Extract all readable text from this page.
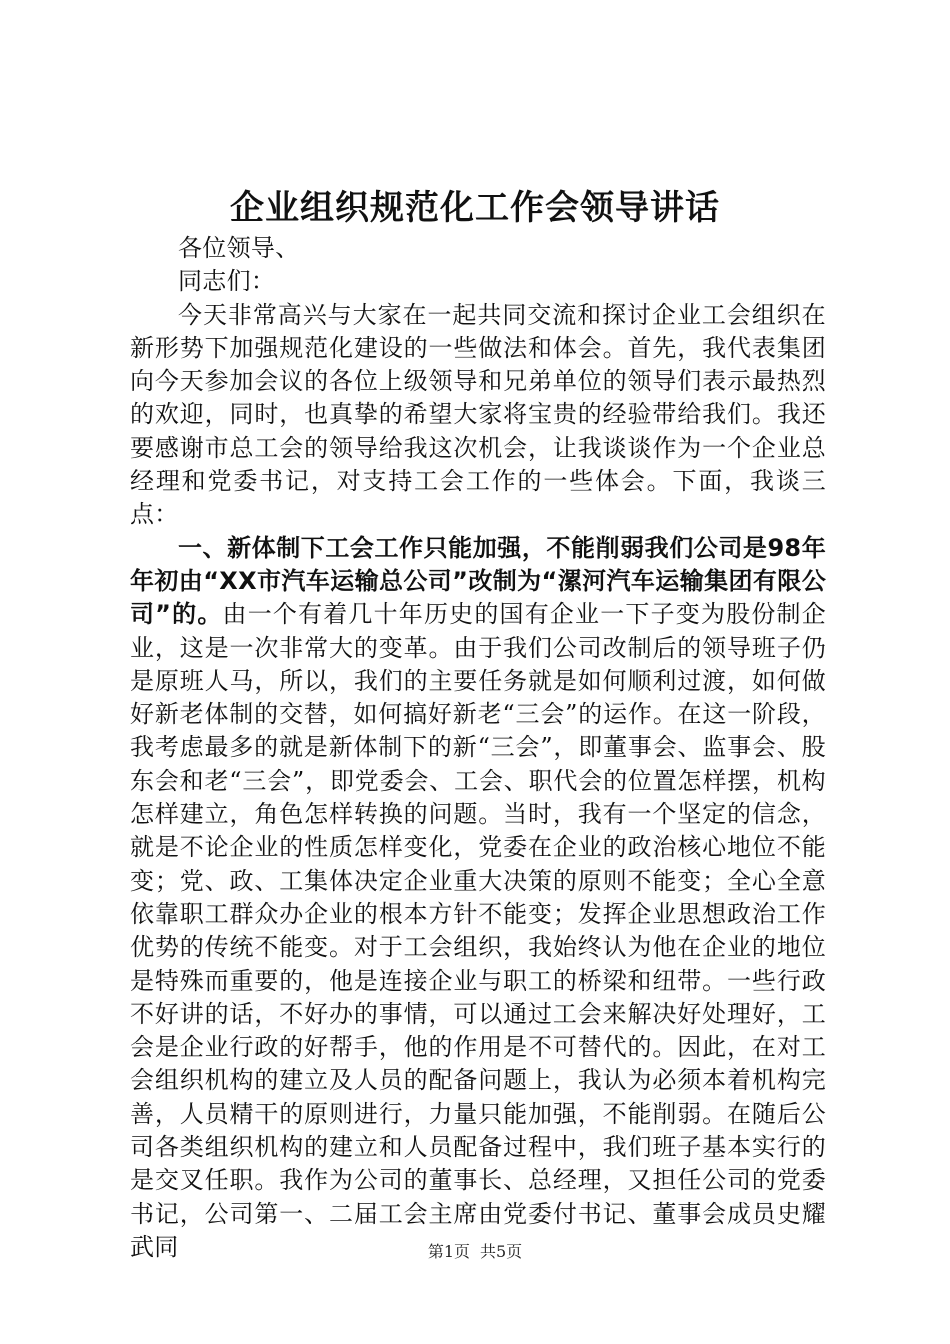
企业组织规范化工作会领导讲话

各位领导、

同志们：

今天非常高兴与大家在一起共同交流和探讨企业工会组织在新形势下加强规范化建设的一些做法和体会。首先，我代表集团向今天参加会议的各位上级领导和兄弟单位的领导们表示最热烈的欢迎，同时，也真挚的希望大家将宝贵的经验带给我们。我还要感谢市总工会的领导给我这次机会，让我谈谈作为一个企业总经理和党委书记，对支持工会工作的一些体会。下面，我谈三点：

一、新体制下工会工作只能加强，不能削弱我们公司是98年年初由“XX市汽车运输总公司”改制为“漯河汽车运输集团有限公司”的。由一个有着几十年历史的国有企业一下子变为股份制企业，这是一次非常大的变革。由于我们公司改制后的领导班子仍是原班人马，所以，我们的主要任务就是如何顺利过渡，如何做好新老体制的交替，如何搞好新老“三会”的运作。在这一阶段，我考虑最多的就是新体制下的新“三会”，即董事会、监事会、股东会和老“三会”，即党委会、工会、职代会的位置怎样摆，机构怎样建立，角色怎样转换的问题。当时，我有一个坚定的信念，就是不论企业的性质怎样变化，党委在企业的政治核心地位不能变；党、政、工集体决定企业重大决策的原则不能变；全心全意依靠职工群众办企业的根本方针不能变；发挥企业思想政治工作优势的传统不能变。对于工会组织，我始终认为他在企业的地位是特殊而重要的，他是连接企业与职工的桥梁和纽带。一些行政不好讲的话，不好办的事情，可以通过工会来解决好处理好，工会是企业行政的好帮手，他的作用是不可替代的。因此，在对工会组织机构的建立及人员的配备问题上，我认为必须本着机构完善，人员精干的原则进行，力量只能加强，不能削弱。在随后公司各类组织机构的建立和人员配备过程中，我们班子基本实行的是交叉任职。我作为公司的董事长、总经理，又担任公司的党委书记，公司第一、二届工会主席由党委付书记、董事会成员史耀武同	第1页 共5页
